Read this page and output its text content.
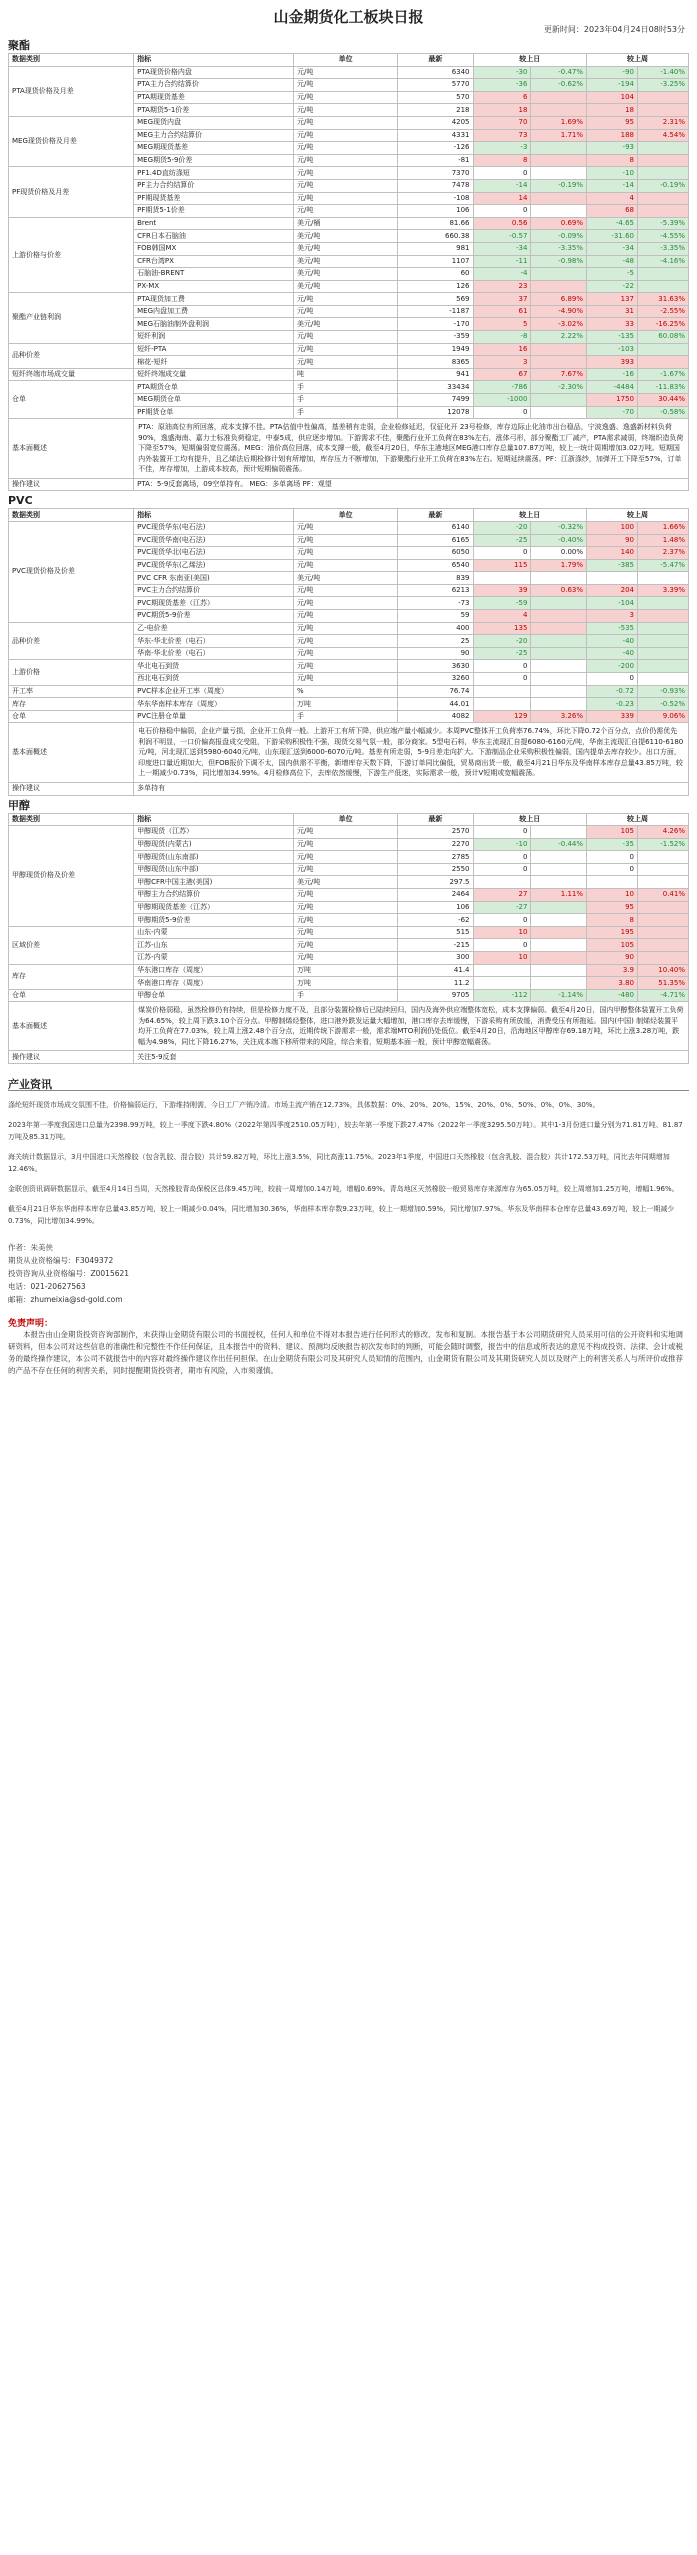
山金期货化工板块日报
更新时间：2023年04月24日08时53分
聚酯
数据类别	指标	单位	最新	较上日		较上周	
PTA现货价格及月差	PTA现货价格内盘	元/吨	6340	-30	-0.47%	-90	-1.40%
	PTA主力合约结算价	元/吨	5770	-36	-0.62%	-194	-3.25%
	PTA期现货基差	元/吨	570	6		104	
	PTA期货5-1价差	元/吨	218	18		18	
MEG现货价格及月差	MEG现货内盘	元/吨	4205	70	1.69%	95	2.31%
	MEG主力合约结算价	元/吨	4331	73	1.71%	188	4.54%
	MEG期现货基差	元/吨	-126	-3		-93	
	MEG期货5-9价差	元/吨	-81	8		8	
PF现货价格及月差	PF1.4D直纺涤短	元/吨	7370	0		-10	
	PF主力合约结算价	元/吨	7478	-14	-0.19%	-14	-0.19%
	PF期现货基差	元/吨	-108	14		4	
	PF期货5-1价差	元/吨	106	0		68	
上游价格与价差	Brent	美元/桶	81.66	0.56	0.69%	-4.65	-5.39%
	CFR日本石脑油	美元/吨	660.38	-0.57	-0.09%	-31.60	-4.55%
	FOB韩国MX	美元/吨	981	-34	-3.35%	-34	-3.35%
	CFR台湾PX	美元/吨	1107	-11	-0.98%	-48	-4.16%
	石脑油-BRENT	美元/吨	60	-4		-5	
	PX-MX	美元/吨	126	23		-22	
聚酯产业链利润	PTA现货加工费	元/吨	569	37	6.89%	137	31.63%
	MEG内盘加工费	元/吨	-1187	61	-4.90%	31	-2.55%
	MEG石脑油制外盘利润	美元/吨	-170	5	-3.02%	33	-16.25%
	短纤利润	元/吨	-359	-8	2.22%	-135	60.08%
品种价差	短纤-PTA	元/吨	1949	16		-103	
	棉花-短纤	元/吨	8365	3		393	
短纤终端市场成交量	短纤终端成交量	吨	941	67	7.67%	-16	-1.67%
仓单	PTA期货仓单	手	33434	-786	-2.30%	-4484	-11.83%
	MEG期货仓单	手	7499	-1000		1750	30.44%
	PF期货仓单	手	12078	0		-70	-0.58%
基本面概述	PTA：原油高位有所回落，成本支撑不佳。PTA估值中性偏高，基差稍有走弱，企业检修延迟，仅征化开 23号检修，库存边际止化油市出台稳品，宁波逸盛、逸盛新材料负荷90%，逸盛海南、嘉力士标准负荷稳定，中泰5成，供应逐步增加。下游需求不佳，聚酯行业开工负荷在83%左右，涨体弓形，部分聚酯工厂减产，PTA需求减弱，终端织造负荷下降至57%，短期偏弱宽位震荡。MEG：油价高位回落，成本支撑一般，截至4月20日，华东主港地区MEG港口库存总量107.87万吨，较上一统计周期增加3.02万吨。短期国内外装置开工均有提升，且乙烯法后期检修计划有所增加，库存压力不断增加，下游聚酯行业开工负荷在83%左右。短期延续震荡。PF：江浙涤纱，加弹开工下降至57%，订单不佳，库存增加，上游成本较高，预计短期偏弱震荡。						
操作建议	PTA：5-9反套离场，09空单持有。 MEG：多单离场 PF：观望						
PVC
数据类别	指标	单位	最新	较上日		较上周	
PVC现货价格及价差	PVC现货华东(电石法)	元/吨	6140	-20	-0.32%	100	1.66%
	PVC现货华南(电石法)	元/吨	6165	-25	-0.40%	90	1.48%
	PVC现货华北(电石法)	元/吨	6050	0	0.00%	140	2.37%
	PVC现货华东(乙烯法)	元/吨	6540	115	1.79%	-385	-5.47%
	PVC CFR 东南亚(美国)	美元/吨	839				
	PVC主力合约结算价	元/吨	6213	39	0.63%	204	3.39%
	PVC期现货基差（江苏）	元/吨	-73	-59		-104	
	PVC期货5-9价差	元/吨	59	4		3	
品种价差	乙-电价差	元/吨	400	135		-535	
	华东-华北价差（电石）	元/吨	25	-20		-40	
	华南-华北价差（电石）	元/吨	90	-25		-40	
上游价格	华北电石到货	元/吨	3630	0		-200	
	西北电石到货	元/吨	3260	0		0	
开工率	PVC样本企业开工率（周度）	%	76.74			-0.72	-0.93%
库存	华东华南样本库存（周度）	万吨	44.01			-0.23	-0.52%
仓单	PVC注册仓单量	手	4082	129	3.26%	339	9.06%
基本面概述	电石价格稳中偏弱，企业产量亏损，企业开工负荷一般。上游开工有所下降，供应端产量小幅减少。本周PVC整体开工负荷率76.74%，环比下降0.72个百分点，点价仍需优先利润不明显，一口价偏高报盘成交受阻，下游采购积极性不强，现货交易气氛一般，部分商家。5型电石料，华东主流现汇自提6080-6160元/吨，华南主流现汇自提6110-6180元/吨，河北现汇送到5980-6040元/吨，山东现汇送到6000-6070元/吨。基差有所走弱，5-9月差走向扩大。下游制品企业采购积极性偏弱，国内提单去库存较少。出口方面，印度进口量近期加大，但FOB报价下调不太，国内供需不平衡，新增库存天数下降，下游订单同比偏低，贸易商出货一般，截至4月21日华东及华南样本库存总量43.85万吨，较上一期减少0.73%，同比增加34.99%。4月检修高位下，去库依然缓慢，下游生产低迷，实际需求一般，预计V短期或宽幅震荡。						
操作建议	多单持有						
甲醇
数据类别	指标	单位	最新	较上日		较上周	
甲醇现货价格及价差	甲醇现货（江苏）	元/吨	2570	0		105	4.26%
	甲醇现货(内蒙古)	元/吨	2270	-10	-0.44%	-35	-1.52%
	甲醇现货(山东南部)	元/吨	2785	0		0	
	甲醇现货(山东中部)	元/吨	2550	0		0	
	甲醇CFR中国主港(美国)	美元/吨	297.5				
	甲醇主力合约结算价	元/吨	2464	27	1.11%	10	0.41%
	甲醇期现货基差（江苏）	元/吨	106	-27		95	
	甲醇期货5-9价差	元/吨	-62	0		8	
区域价差	山东-内蒙	元/吨	515	10		195	
	江苏-山东	元/吨	-215	0		105	
	江苏-内蒙	元/吨	300	10		90	
库存	华东港口库存（周度）	万吨	41.4			3.9	10.40%
	华南港口库存（周度）	万吨	11.2			3.80	51.35%
仓单	甲醇仓单	手	9705	-112	-1.14%	-480	-4.71%
基本面概述	煤炭价格弱稳，虽然检修仍有持续，但是检修力度不及，且部分装置检修后已陆续回归，国内及海外供应端整体宽松，成本支撑偏弱。截至4月20日，国内甲醇整体装置开工负荷为64.65%，较上周下跌3.10个百分点。甲醇制烯烃整体，进口港外跌发运量大幅增加，港口库存去库缓慢，下游采购有所放缓，消费受压有所拖延。国内(中国) 制烯烃装置平均开工负荷在77.03%，较上周上涨2.48个百分点，近期传统下游需求一般，需求端MTO利润仍处低位。截至4月20日，沿海地区甲醇库存69.18万吨，环比上涨3.28万吨，跌幅为4.98%，同比下降16.27%，关注成本端下移所带来的风险，综合来看，短期基本面一般，预计甲醇宽幅震荡。						
操作建议	关注5-9反套						
产业资讯
涤纶短纤现货市场成交氛围不佳，价格偏弱运行，下游维持刚需，今日工厂产销冷清。市场主流产销在12.73%，具体数据：0%、20%、20%、15%、20%、0%、50%、0%、0%、30%。
2023年第一季度我国进口总量为2398.99万吨，较上一季度下跌4.80%（2022年第四季度2510.05万吨），较去年第一季度下跌27.47%（2022年一季度3295.50万吨）。其中1-3月份进口量分别为71.81万吨、81.87万吨及85.31万吨。
海关统计数据显示，3月中国进口天然橡胶（包含乳胶、混合胶）共计59.82万吨，环比上涨3.5%，同比高涨11.75%。2023年1季度，中国进口天然橡胶（包含乳胶、混合胶）共计172.53万吨，同比去年同期增加12.46%。
金联创资讯调研数据显示，截至4月14日当周，天然橡胶青岛保税区总体9.45万吨，较前一周增加0.14万吨，增幅0.69%。青岛地区天然橡胶一般贸易库存来源库存为65.05万吨，较上周增加1.25万吨，增幅1.96%。
截至4月21日华东华南样本库存总量43.85万吨，较上一期减少0.04%，同比增加30.36%，华南样本库存数9.23万吨，较上一期增加0.59%，同比增加7.97%。华东及华南样本仓库存总量43.69万吨，较上一期减少0.73%，同比增加34.99%。
作者：朱美侠
期货从业资格编号：F3049372
投资咨询从业资格编号：Z0015621
电话：021-20627563
邮箱：zhumeixia@sd-gold.com
免责声明：
本报告由山金期货投资咨询部制作，未获得山金期货有限公司的书面授权，任何人和单位不得对本报告进行任何形式的修改、发布和复制。本报告基于本公司期货研究人员采用可信的公开资料和实地调研资料，但本公司对这些信息的准确性和完整性不作任何保证，且本报告中的资料、建议、预测均反映报告初次发布时的判断，可能会随时调整，报告中的信息或所表达的意见不构成投资、法律、会计或税务的最终操作建议，本公司不就报告中的内容对最终操作建议作出任何担保。在山金期货有限公司及其研究人员知情的范围内，山金期货有限公司及其期货研究人员以及财产上的利害关系人与所评价或推荐的产品不存在任何的利害关系，同时提醒期货投资者，期市有风险，入市须谨慎。
